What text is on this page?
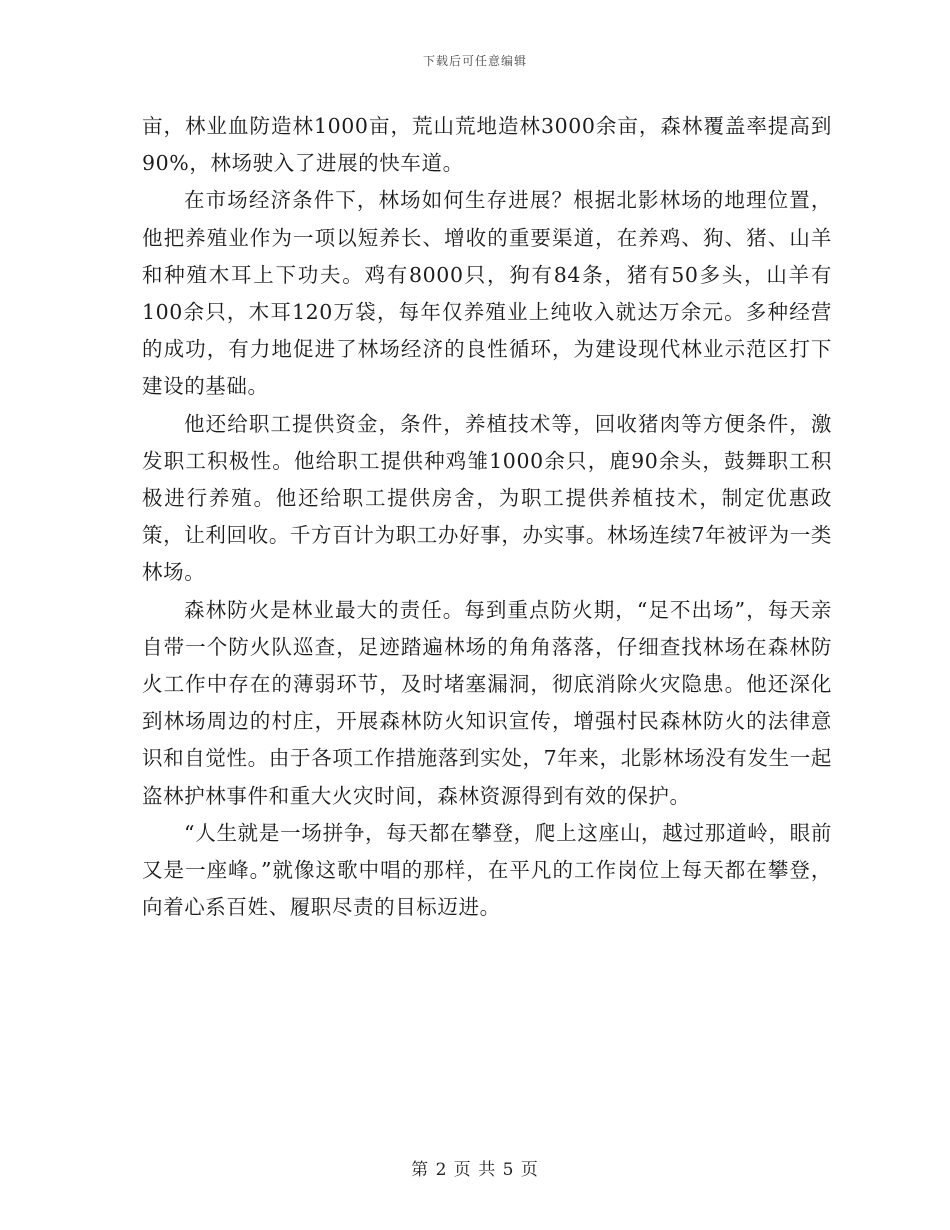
下载后可任意编辑

亩，林业血防造林1000亩，荒山荒地造林3000余亩，森林覆盖率提高到90%，林场驶入了进展的快车道。

在市场经济条件下，林场如何生存进展？根据北影林场的地理位置，他把养殖业作为一项以短养长、增收的重要渠道，在养鸡、狗、猪、山羊和种殖木耳上下功夫。鸡有8000只，狗有84条，猪有50多头，山羊有100余只，木耳120万袋，每年仅养殖业上纯收入就达万余元。多种经营的成功，有力地促进了林场经济的良性循环，为建设现代林业示范区打下建设的基础。

他还给职工提供资金，条件，养植技术等，回收猪肉等方便条件，激发职工积极性。他给职工提供种鸡雏1000余只，鹿90余头，鼓舞职工积极进行养殖。他还给职工提供房舍，为职工提供养植技术，制定优惠政策，让利回收。千方百计为职工办好事，办实事。林场连续7年被评为一类林场。

森林防火是林业最大的责任。每到重点防火期，“足不出场”，每天亲自带一个防火队巡查，足迹踏遍林场的角角落落，仔细查找林场在森林防火工作中存在的薄弱环节，及时堵塞漏洞，彻底消除火灾隐患。他还深化到林场周边的村庄，开展森林防火知识宣传，增强村民森林防火的法律意识和自觉性。由于各项工作措施落到实处，7年来，北影林场没有发生一起盗林护林事件和重大火灾时间，森林资源得到有效的保护。

“人生就是一场拼争，每天都在攀登，爬上这座山，越过那道岭，眼前又是一座峰。”就像这歌中唱的那样，在平凡的工作岗位上每天都在攀登，向着心系百姓、履职尽责的目标迈进。

第 2 页 共 5 页
